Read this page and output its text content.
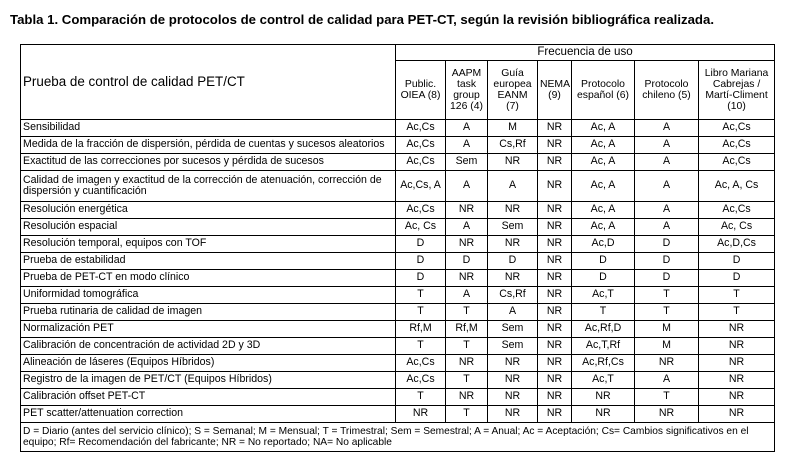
Tabla 1. Comparación de protocolos de control de calidad para PET-CT, según la revisión bibliográfica realizada.
Prueba de control de calidad PET/CT	Frecuencia de uso						
	Public. OIEA (8)	AAPM task group 126 (4)	Guía europea EANM (7)	NEMA (9)	Protocolo español (6)	Protocolo chileno (5)	Libro Mariana Cabrejas / Martí-Climent (10)
Sensibilidad	Ac,Cs	A	M	NR	Ac, A	A	Ac,Cs
Medida de la fracción de dispersión, pérdida de cuentas y sucesos aleatorios	Ac,Cs	A	Cs,Rf	NR	Ac, A	A	Ac,Cs
Exactitud de las correcciones por sucesos y pérdida de sucesos	Ac,Cs	Sem	NR	NR	Ac, A	A	Ac,Cs
Calidad de imagen y exactitud de la corrección de atenuación, corrección de dispersión y cuantificación	Ac,Cs, A	A	A	NR	Ac, A	A	Ac, A, Cs
Resolución energética	Ac,Cs	NR	NR	NR	Ac, A	A	Ac,Cs
Resolución espacial	Ac, Cs	A	Sem	NR	Ac, A	A	Ac, Cs
Resolución temporal, equipos con TOF	D	NR	NR	NR	Ac,D	D	Ac,D,Cs
Prueba de estabilidad	D	D	D	NR	D	D	D
Prueba de PET-CT en modo clínico	D	NR	NR	NR	D	D	D
Uniformidad tomográfica	T	A	Cs,Rf	NR	Ac,T	T	T
Prueba rutinaria de calidad de imagen	T	T	A	NR	T	T	T
Normalización PET	Rf,M	Rf,M	Sem	NR	Ac,Rf,D	M	NR
Calibración de concentración de actividad 2D y 3D	T	T	Sem	NR	Ac,T,Rf	M	NR
Alineación de láseres (Equipos Híbridos)	Ac,Cs	NR	NR	NR	Ac,Rf,Cs	NR	NR
Registro de la imagen de PET/CT (Equipos Híbridos)	Ac,Cs	T	NR	NR	Ac,T	A	NR
Calibración offset PET-CT	T	NR	NR	NR	NR	T	NR
PET scatter/attenuation correction	NR	T	NR	NR	NR	NR	NR
D = Diario (antes del servicio clínico); S = Semanal; M = Mensual; T = Trimestral; Sem = Semestral; A = Anual; Ac = Aceptación; Cs= Cambios significativos en el equipo; Rf= Recomendación del fabricante; NR = No reportado; NA= No aplicable							
